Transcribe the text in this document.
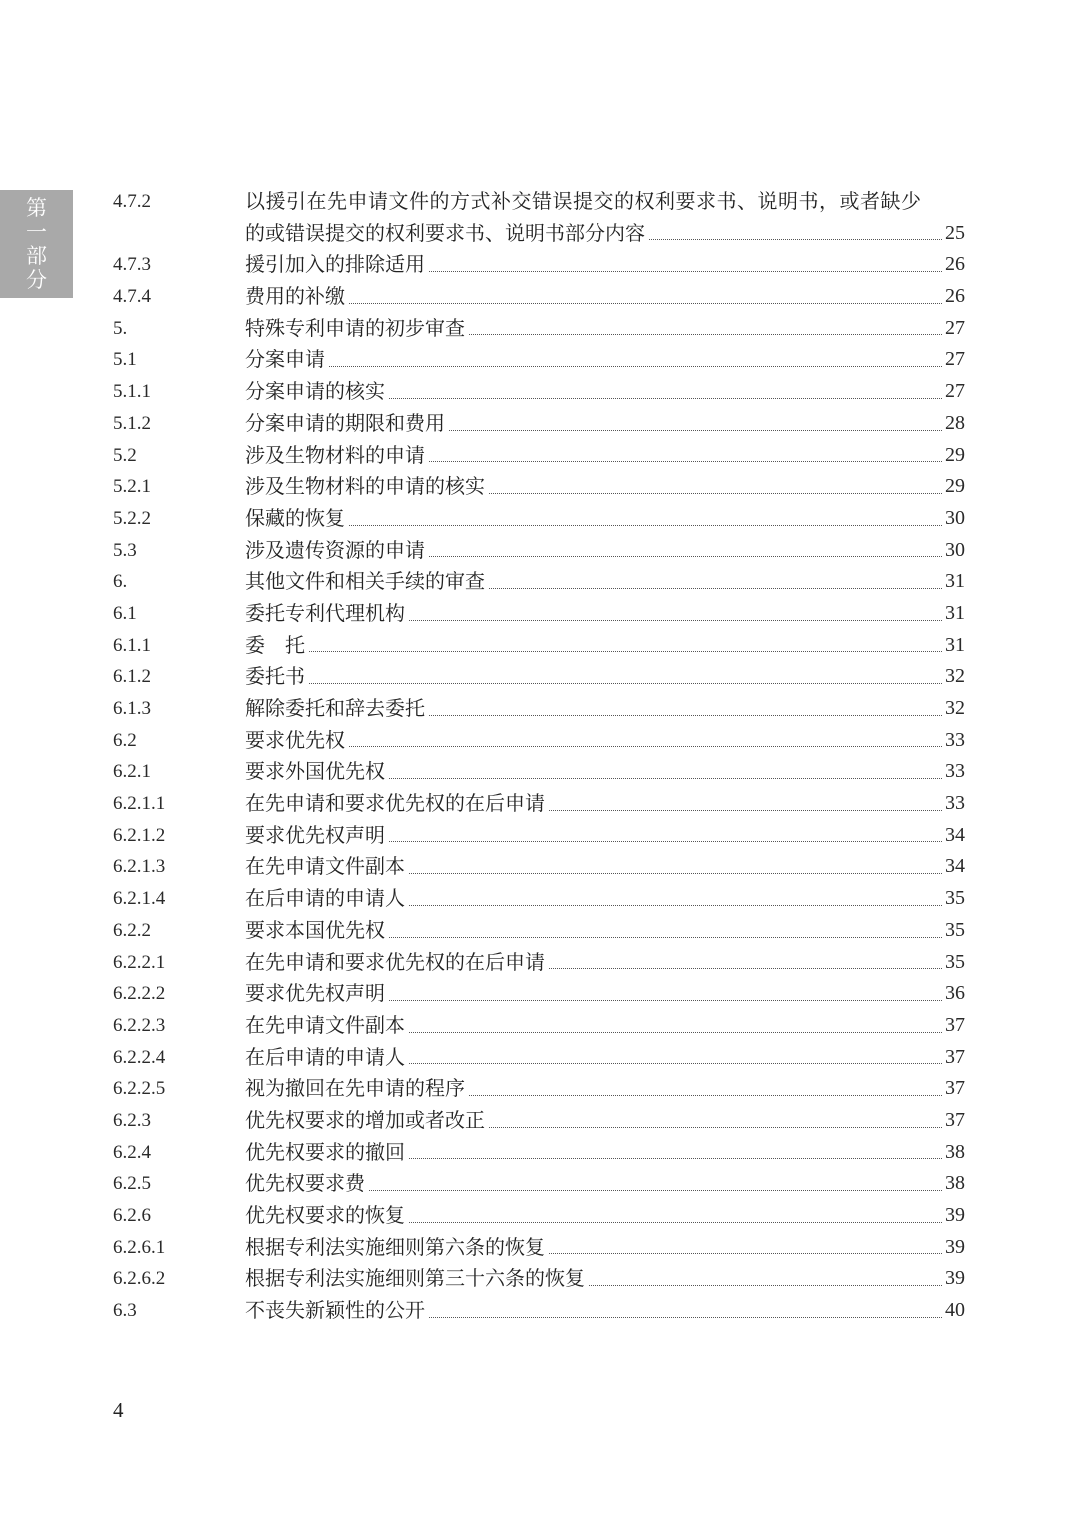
第一部分
4.7.2	以援引在先申请文件的方式补交错误提交的权利要求书、说明书，或者缺少
的或错误提交的权利要求书、说明书部分内容	25
4.7.3	援引加入的排除适用	26
4.7.4	费用的补缴	26
5.	特殊专利申请的初步审查	27
5.1	分案申请	27
5.1.1	分案申请的核实	27
5.1.2	分案申请的期限和费用	28
5.2	涉及生物材料的申请	29
5.2.1	涉及生物材料的申请的核实	29
5.2.2	保藏的恢复	30
5.3	涉及遗传资源的申请	30
6.	其他文件和相关手续的审查	31
6.1	委托专利代理机构	31
6.1.1	委　托	31
6.1.2	委托书	32
6.1.3	解除委托和辞去委托	32
6.2	要求优先权	33
6.2.1	要求外国优先权	33
6.2.1.1	在先申请和要求优先权的在后申请	33
6.2.1.2	要求优先权声明	34
6.2.1.3	在先申请文件副本	34
6.2.1.4	在后申请的申请人	35
6.2.2	要求本国优先权	35
6.2.2.1	在先申请和要求优先权的在后申请	35
6.2.2.2	要求优先权声明	36
6.2.2.3	在先申请文件副本	37
6.2.2.4	在后申请的申请人	37
6.2.2.5	视为撤回在先申请的程序	37
6.2.3	优先权要求的增加或者改正	37
6.2.4	优先权要求的撤回	38
6.2.5	优先权要求费	38
6.2.6	优先权要求的恢复	39
6.2.6.1	根据专利法实施细则第六条的恢复	39
6.2.6.2	根据专利法实施细则第三十六条的恢复	39
6.3	不丧失新颖性的公开	40
4
